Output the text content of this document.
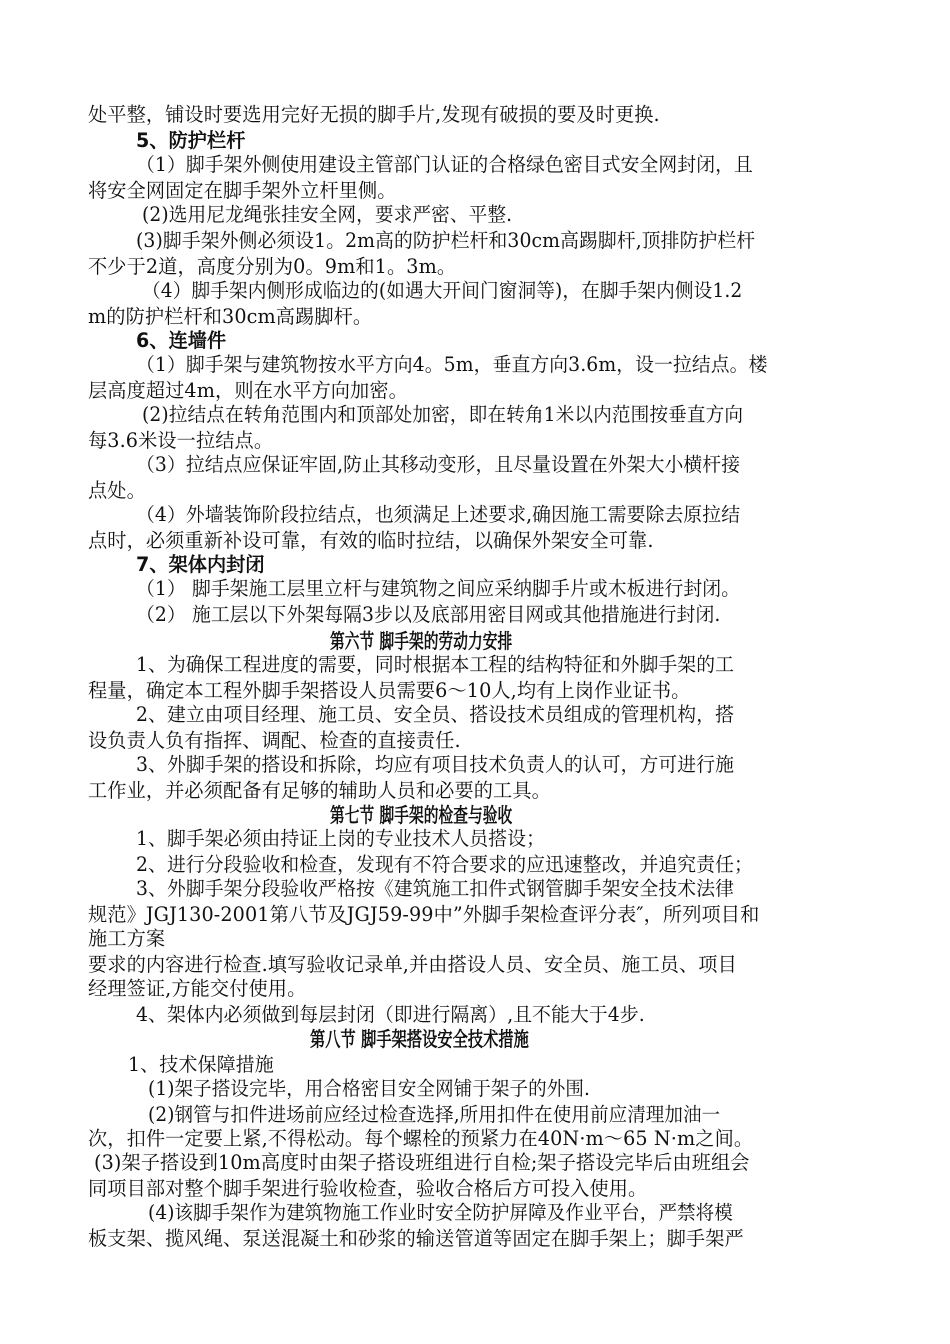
处平整，铺设时要选用完好无损的脚手片,发现有破损的要及时更换.
5、防护栏杆
（1）脚手架外侧使用建设主管部门认证的合格绿色密目式安全网封闭，且
将安全网固定在脚手架外立杆里侧。
(2)选用尼龙绳张挂安全网，要求严密、平整.
(3)脚手架外侧必须设1。2m高的防护栏杆和30cm高踢脚杆,顶排防护栏杆
不少于2道，高度分别为0。9m和1。3m。
（4）脚手架内侧形成临边的(如遇大开间门窗洞等)，在脚手架内侧设1.2
m的防护栏杆和30cm高踢脚杆。
6、连墙件
（1）脚手架与建筑物按水平方向4。5m，垂直方向3.6m，设一拉结点。楼
层高度超过4m，则在水平方向加密。
(2)拉结点在转角范围内和顶部处加密，即在转角1米以内范围按垂直方向
每3.6米设一拉结点。
（3）拉结点应保证牢固,防止其移动变形，且尽量设置在外架大小横杆接
点处。
（4）外墙装饰阶段拉结点，也须满足上述要求,确因施工需要除去原拉结
点时，必须重新补设可靠，有效的临时拉结，以确保外架安全可靠.
7、架体内封闭
（1） 脚手架施工层里立杆与建筑物之间应采纳脚手片或木板进行封闭。
（2） 施工层以下外架每隔3步以及底部用密目网或其他措施进行封闭.
第六节 脚手架的劳动力安排
1、为确保工程进度的需要，同时根据本工程的结构特征和外脚手架的工
程量，确定本工程外脚手架搭设人员需要6～10人,均有上岗作业证书。
2、建立由项目经理、施工员、安全员、搭设技术员组成的管理机构，搭
设负责人负有指挥、调配、检查的直接责任.
3、外脚手架的搭设和拆除，均应有项目技术负责人的认可，方可进行施
工作业，并必须配备有足够的辅助人员和必要的工具。
第七节 脚手架的检查与验收
1、脚手架必须由持证上岗的专业技术人员搭设；
2、进行分段验收和检查，发现有不符合要求的应迅速整改，并追究责任；
3、外脚手架分段验收严格按《建筑施工扣件式钢管脚手架安全技术法律
规范》JGJ130-2001第八节及JGJ59-99中”外脚手架检查评分表″，所列项目和
施工方案
要求的内容进行检查.填写验收记录单,并由搭设人员、安全员、施工员、项目
经理签证,方能交付使用。
4、架体内必须做到每层封闭（即进行隔离）,且不能大于4步.
第八节 脚手架搭设安全技术措施
1、技术保障措施
(1)架子搭设完毕，用合格密目安全网铺于架子的外围.
(2)钢管与扣件进场前应经过检查选择,所用扣件在使用前应清理加油一
次，扣件一定要上紧,不得松动。每个螺栓的预紧力在40N·m～65 N·m之间。
(3)架子搭设到10m高度时由架子搭设班组进行自检;架子搭设完毕后由班组会
同项目部对整个脚手架进行验收检查，验收合格后方可投入使用。
(4)该脚手架作为建筑物施工作业时安全防护屏障及作业平台，严禁将模
板支架、揽风绳、泵送混凝土和砂浆的输送管道等固定在脚手架上；脚手架严
